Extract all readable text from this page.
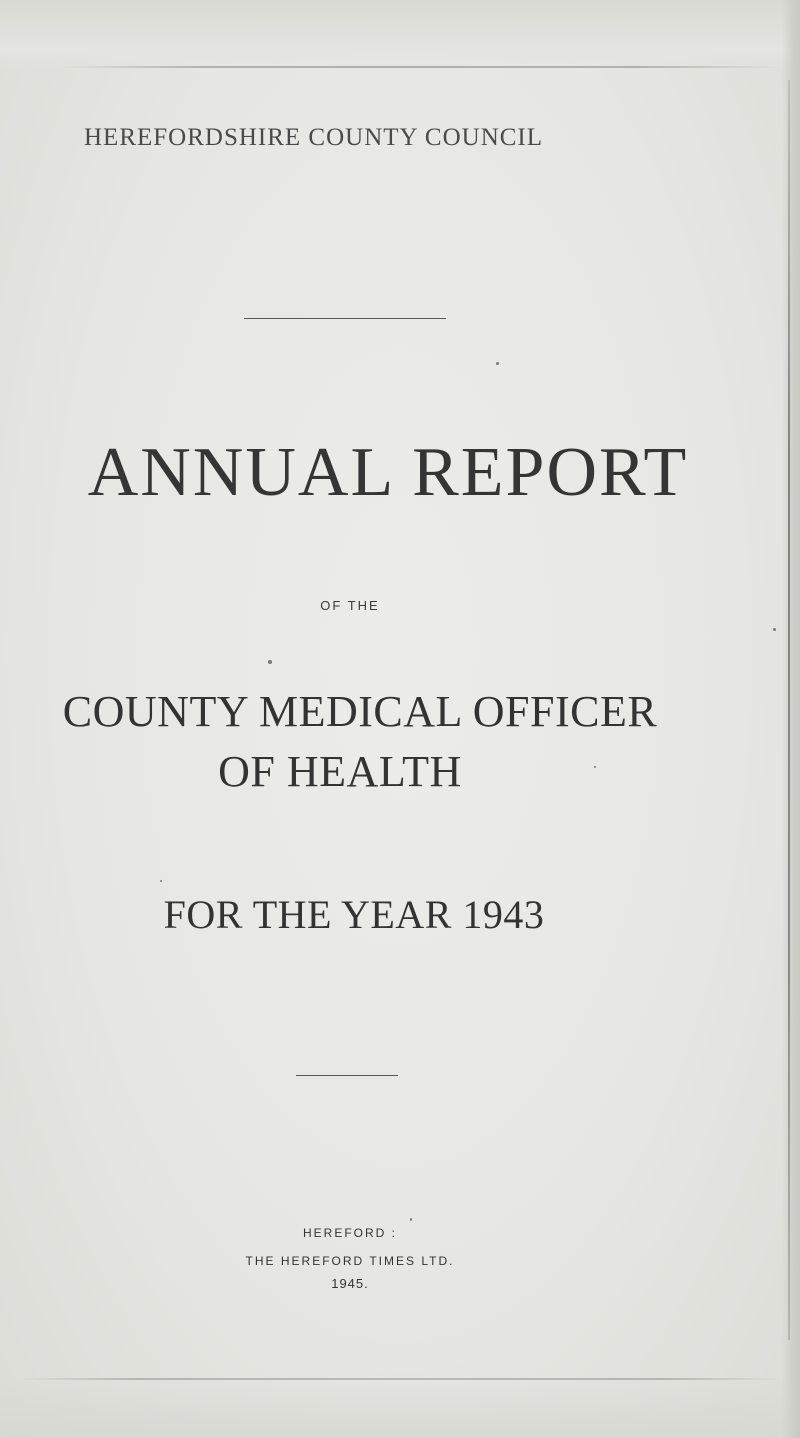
HEREFORDSHIRE COUNTY COUNCIL
ANNUAL REPORT
OF THE
COUNTY MEDICAL OFFICER
OF HEALTH
FOR THE YEAR 1943
HEREFORD :
THE HEREFORD TIMES LTD.
1945.
